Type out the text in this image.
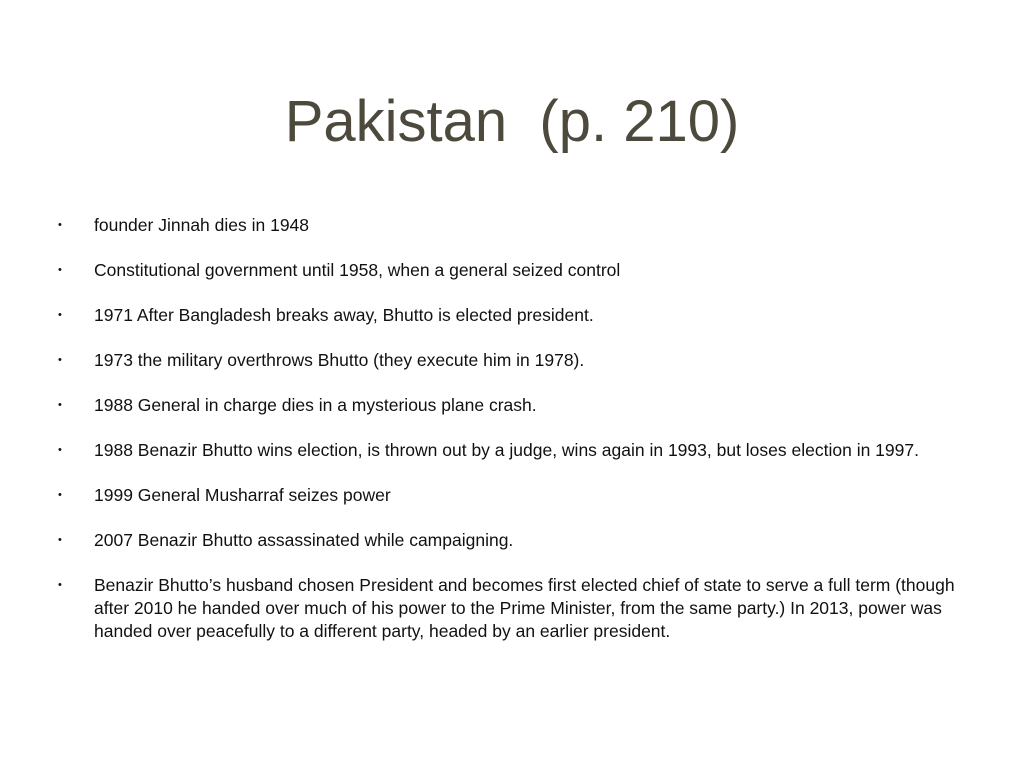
Pakistan  (p. 210)
• founder Jinnah dies in 1948
• Constitutional government until 1958, when a general seized control
• 1971 After Bangladesh breaks away, Bhutto is elected president.
• 1973 the military overthrows Bhutto (they execute him in 1978).
• 1988 General in charge dies in a mysterious plane crash.
• 1988 Benazir Bhutto wins election, is thrown out by a judge, wins again in 1993, but loses election in 1997.
• 1999 General Musharraf seizes power
• 2007 Benazir Bhutto assassinated while campaigning.
• Benazir Bhutto’s husband chosen President and becomes first elected chief of state to serve a full term (though after 2010 he handed over much of his power to the Prime Minister, from the same party.) In 2013, power was handed over peacefully to a different party, headed by an earlier president.
